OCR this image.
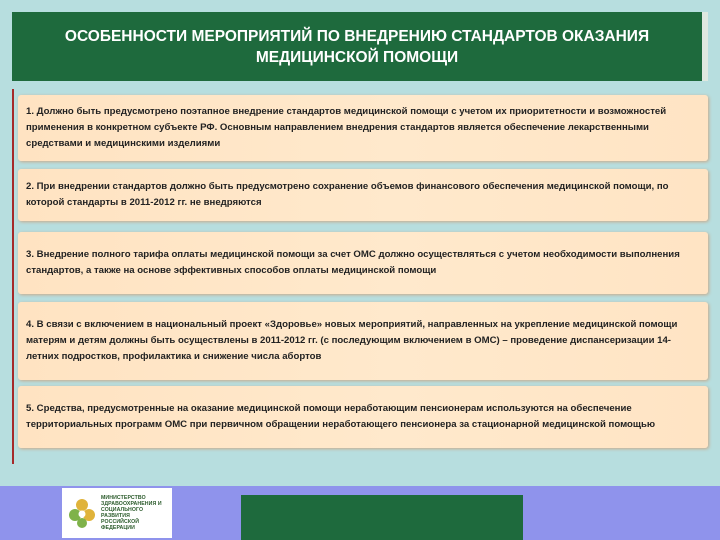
ОСОБЕННОСТИ МЕРОПРИЯТИЙ ПО ВНЕДРЕНИЮ СТАНДАРТОВ ОКАЗАНИЯ МЕДИЦИНСКОЙ ПОМОЩИ
1. Должно быть предусмотрено поэтапное внедрение стандартов медицинской помощи с учетом их приоритетности и возможностей применения в конкретном субъекте РФ. Основным направлением внедрения стандартов является обеспечение лекарственными средствами и медицинскими изделиями
2. При внедрении стандартов должно быть предусмотрено сохранение объемов финансового обеспечения медицинской помощи, по которой стандарты в 2011-2012 гг. не внедряются
3. Внедрение полного тарифа оплаты медицинской помощи за счет ОМС должно осуществляться с учетом необходимости выполнения стандартов, а также на основе эффективных способов оплаты медицинской помощи
4. В связи с включением в национальный проект «Здоровье» новых мероприятий, направленных на укрепление медицинской помощи матерям и детям должны быть осуществлены в 2011-2012 гг. (с последующим включением в ОМС) – проведение диспансеризации 14-летних подростков, профилактика и снижение числа абортов
5. Средства, предусмотренные на оказание медицинской помощи неработающим пенсионерам используются на обеспечение территориальных программ ОМС при первичном обращении неработающего пенсионера за стационарной медицинской помощью
МИНИСТЕРСТВО ЗДРАВООХРАНЕНИЯ И СОЦИАЛЬНОГО РАЗВИТИЯ РОССИЙСКОЙ ФЕДЕРАЦИИ
